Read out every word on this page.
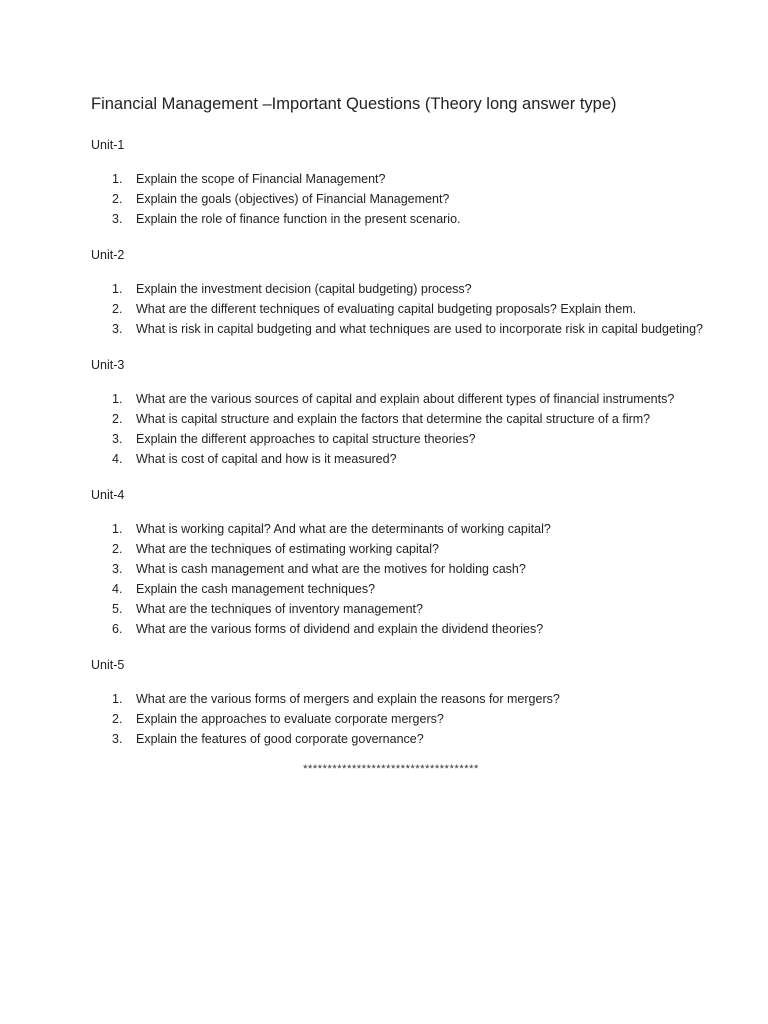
Financial Management –Important Questions (Theory long answer type)
Unit-1
1. Explain the scope of Financial Management?
2. Explain the goals (objectives) of Financial Management?
3. Explain the role of finance function in the present scenario.
Unit-2
1. Explain the investment decision (capital budgeting) process?
2. What are the different techniques of evaluating capital budgeting proposals? Explain them.
3. What is risk in capital budgeting and what techniques are used to incorporate risk in capital budgeting?
Unit-3
1. What are the various sources of capital and explain about different types of financial instruments?
2. What is capital structure and explain the factors that determine the capital structure of a firm?
3. Explain the different approaches to capital structure theories?
4. What is cost of capital and how is it measured?
Unit-4
1. What is working capital? And what are the determinants of working capital?
2. What are the techniques of estimating working capital?
3. What is cash management and what are the motives for holding cash?
4. Explain the cash management techniques?
5. What are the techniques of inventory management?
6. What are the various forms of dividend and explain the dividend theories?
Unit-5
1. What are the various forms of mergers and explain the reasons for mergers?
2. Explain the approaches to evaluate corporate mergers?
3. Explain the features of good corporate governance?
************************************
